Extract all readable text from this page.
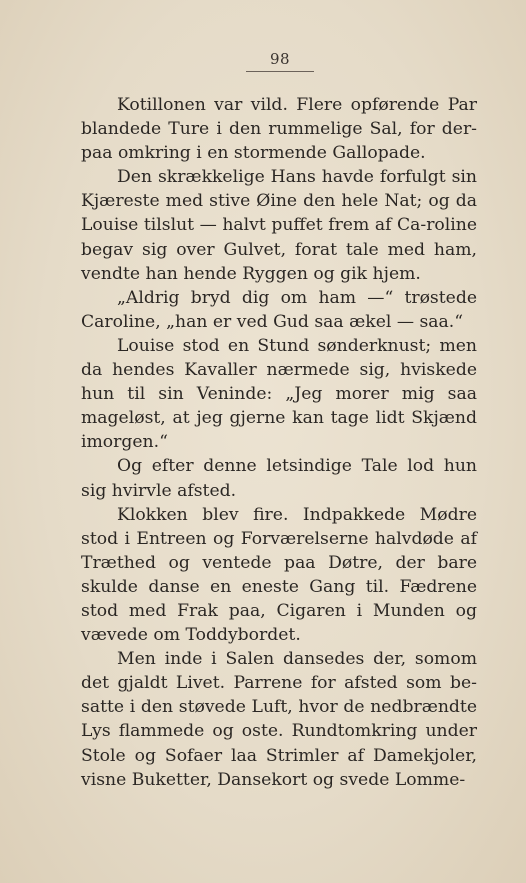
98

Kotillonen var vild. Flere opførende Par blandede Ture i den rummelige Sal, for der-paa omkring i en stormende Gallopade.

Den skrækkelige Hans havde forfulgt sin Kjæreste med stive Øine den hele Nat; og da Louise tilslut — halvt puffet frem af Ca-roline begav sig over Gulvet, forat tale med ham, vendte han hende Ryggen og gik hjem.

„Aldrig bryd dig om ham —“ trøstede Caroline, „han er ved Gud saa ækel — saa.“

Louise stod en Stund sønderknust; men da hendes Kavaller nærmede sig, hviskede hun til sin Veninde: „Jeg morer mig saa mageløst, at jeg gjerne kan tage lidt Skjænd imorgen.“

Og efter denne letsindige Tale lod hun sig hvirvle afsted.

Klokken blev fire. Indpakkede Mødre stod i Entreen og Forværelserne halvdøde af Træthed og ventede paa Døtre, der bare skulde danse en eneste Gang til. Fædrene stod med Frak paa, Cigaren i Munden og vævede om Toddybordet.

Men inde i Salen dansedes der, somom det gjaldt Livet. Parrene for afsted som be-satte i den støvede Luft, hvor de nedbrændte Lys flammede og oste. Rundtomkring under Stole og Sofaer laa Strimler af Damekjoler, visne Buketter, Dansekort og svede Lomme-
